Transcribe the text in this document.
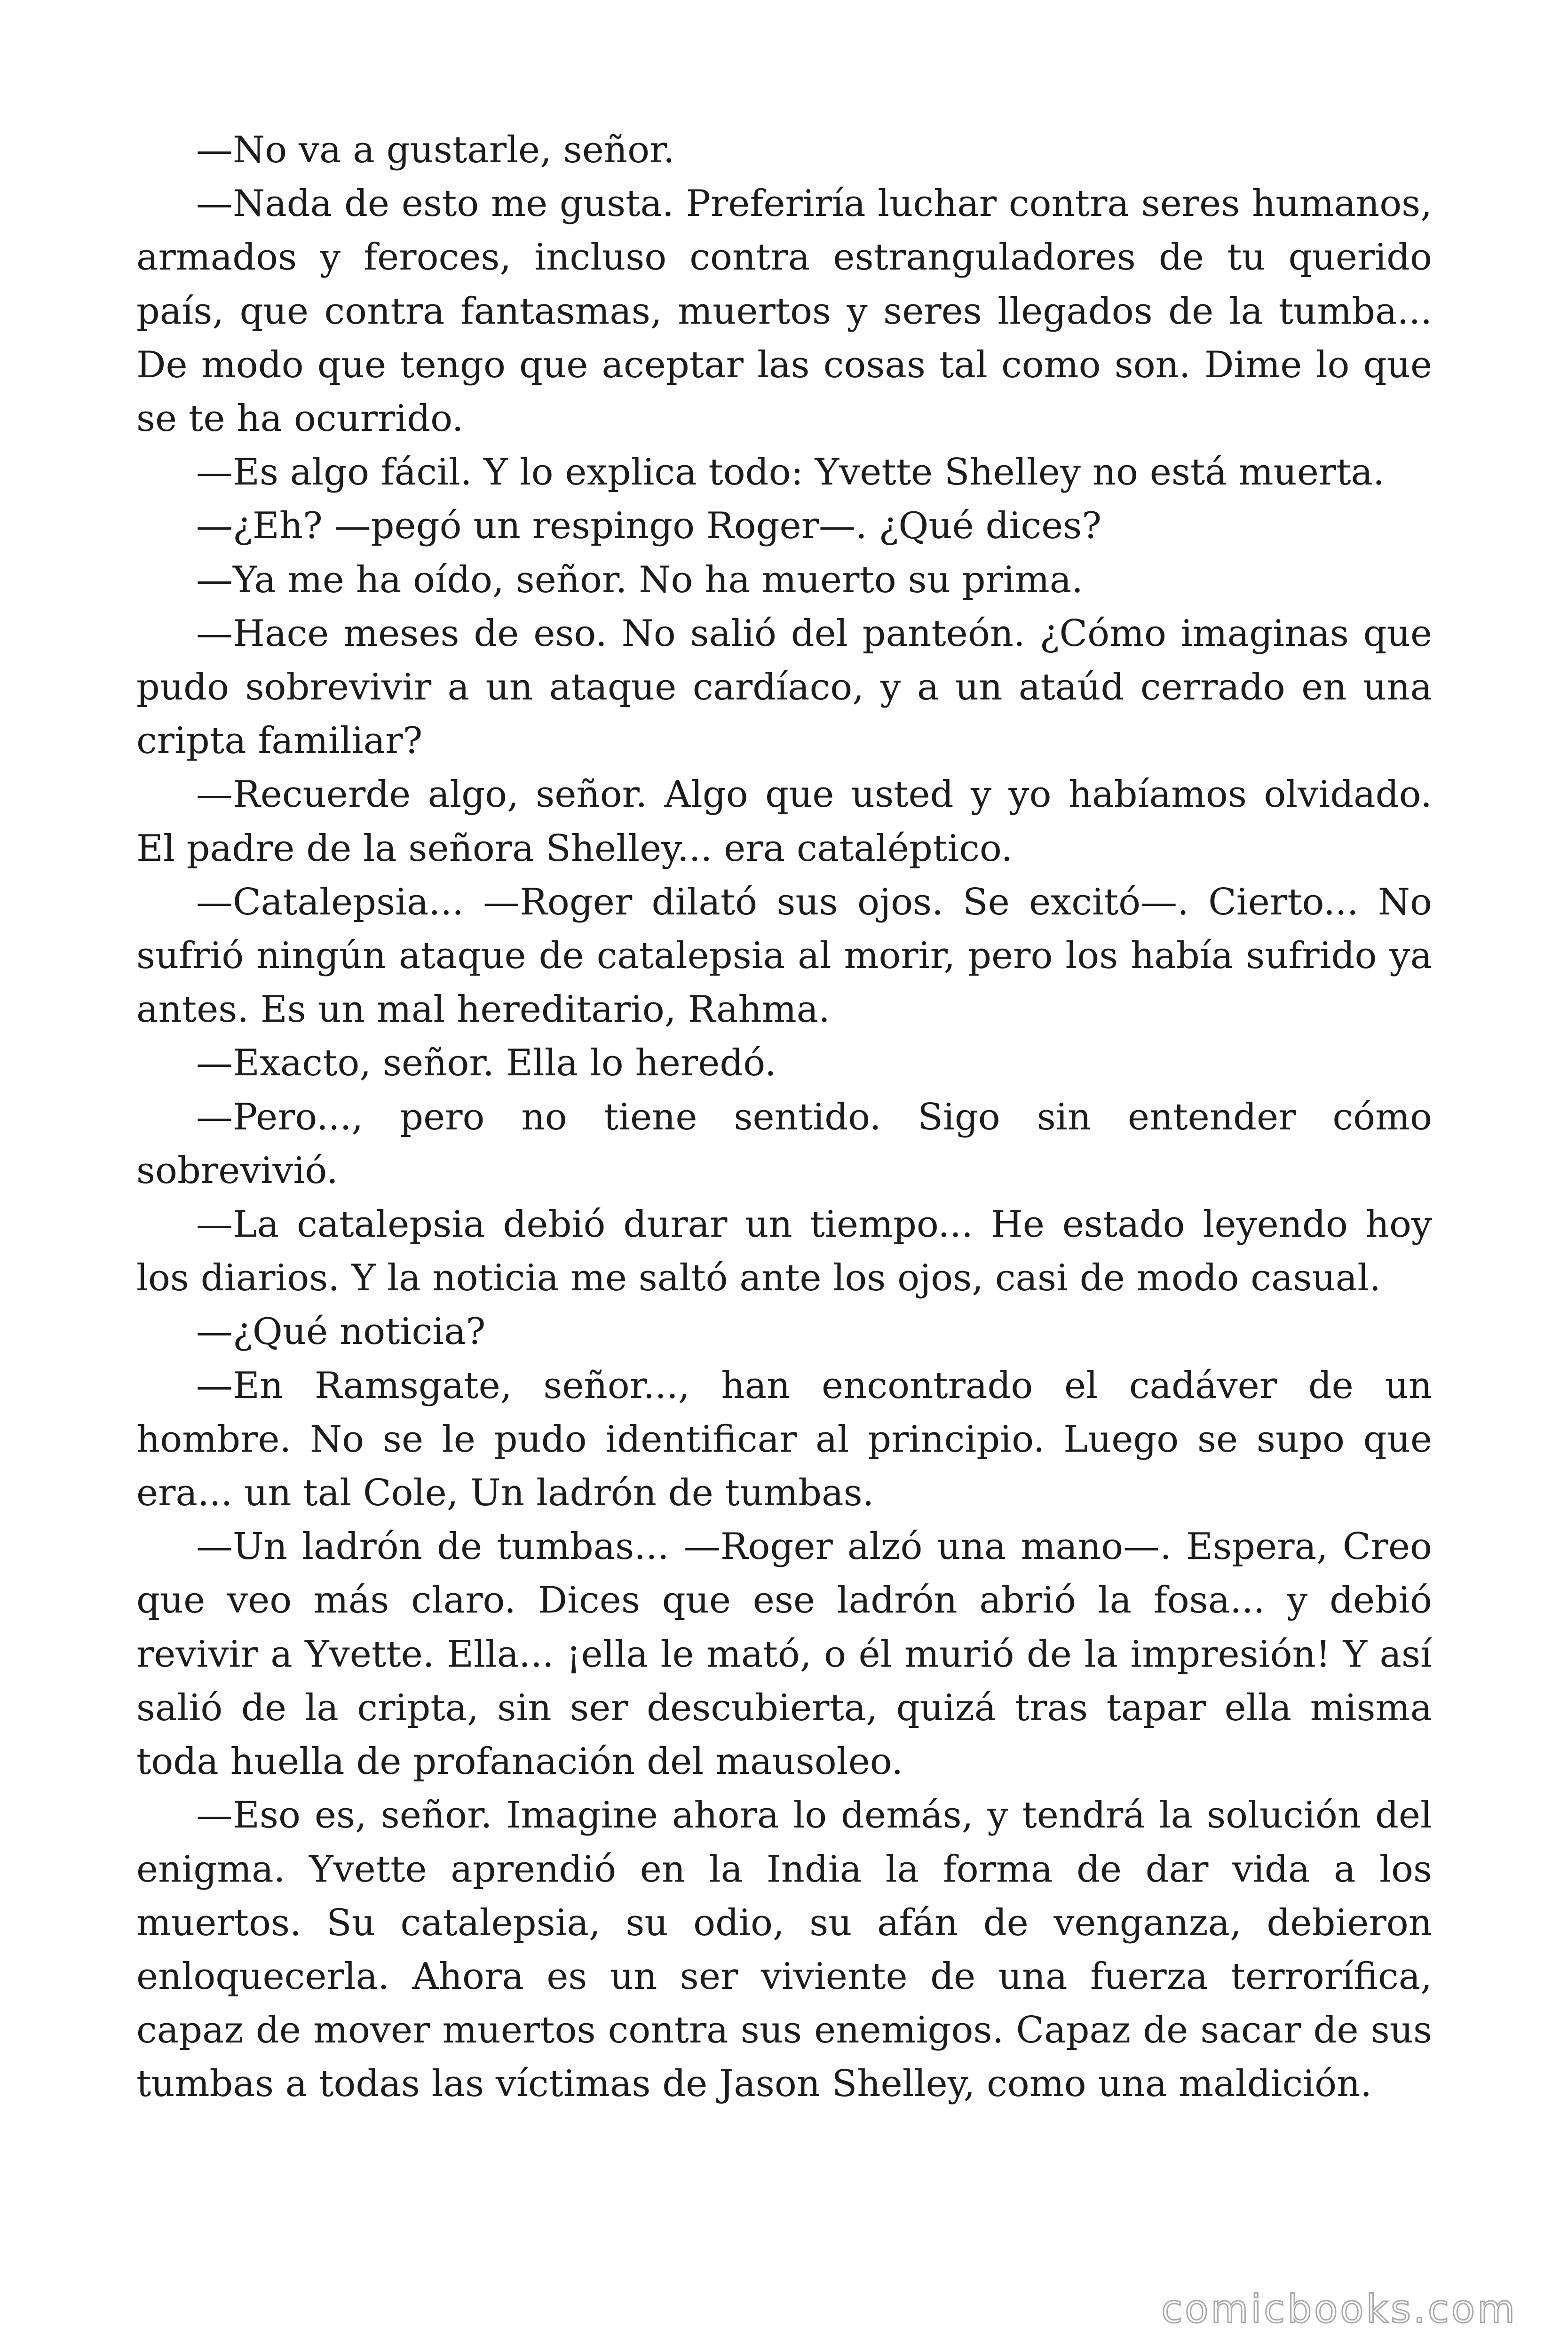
—No va a gustarle, señor.

—Nada de esto me gusta. Preferiría luchar contra seres humanos, armados y feroces, incluso contra estranguladores de tu querido país, que contra fantasmas, muertos y seres llegados de la tumba... De modo que tengo que aceptar las cosas tal como son. Dime lo que se te ha ocurrido.

—Es algo fácil. Y lo explica todo: Yvette Shelley no está muerta.

—¿Eh? —pegó un respingo Roger—. ¿Qué dices?

—Ya me ha oído, señor. No ha muerto su prima.

—Hace meses de eso. No salió del panteón. ¿Cómo imaginas que pudo sobrevivir a un ataque cardíaco, y a un ataúd cerrado en una cripta familiar?

—Recuerde algo, señor. Algo que usted y yo habíamos olvidado. El padre de la señora Shelley... era cataléptico.

—Catalepsia... —Roger dilató sus ojos. Se excitó—. Cierto... No sufrió ningún ataque de catalepsia al morir, pero los había sufrido ya antes. Es un mal hereditario, Rahma.

—Exacto, señor. Ella lo heredó.

—Pero..., pero no tiene sentido. Sigo sin entender cómo sobrevivió.

—La catalepsia debió durar un tiempo... He estado leyendo hoy los diarios. Y la noticia me saltó ante los ojos, casi de modo casual.

—¿Qué noticia?

—En Ramsgate, señor..., han encontrado el cadáver de un hombre. No se le pudo identificar al principio. Luego se supo que era... un tal Cole, Un ladrón de tumbas.

—Un ladrón de tumbas... —Roger alzó una mano—. Espera, Creo que veo más claro. Dices que ese ladrón abrió la fosa... y debió revivir a Yvette. Ella... ¡ella le mató, o él murió de la impresión! Y así salió de la cripta, sin ser descubierta, quizá tras tapar ella misma toda huella de profanación del mausoleo.

—Eso es, señor. Imagine ahora lo demás, y tendrá la solución del enigma. Yvette aprendió en la India la forma de dar vida a los muertos. Su catalepsia, su odio, su afán de venganza, debieron enloquecerla. Ahora es un ser viviente de una fuerza terrorífica, capaz de mover muertos contra sus enemigos. Capaz de sacar de sus tumbas a todas las víctimas de Jason Shelley, como una maldición.

comicbooks.com
